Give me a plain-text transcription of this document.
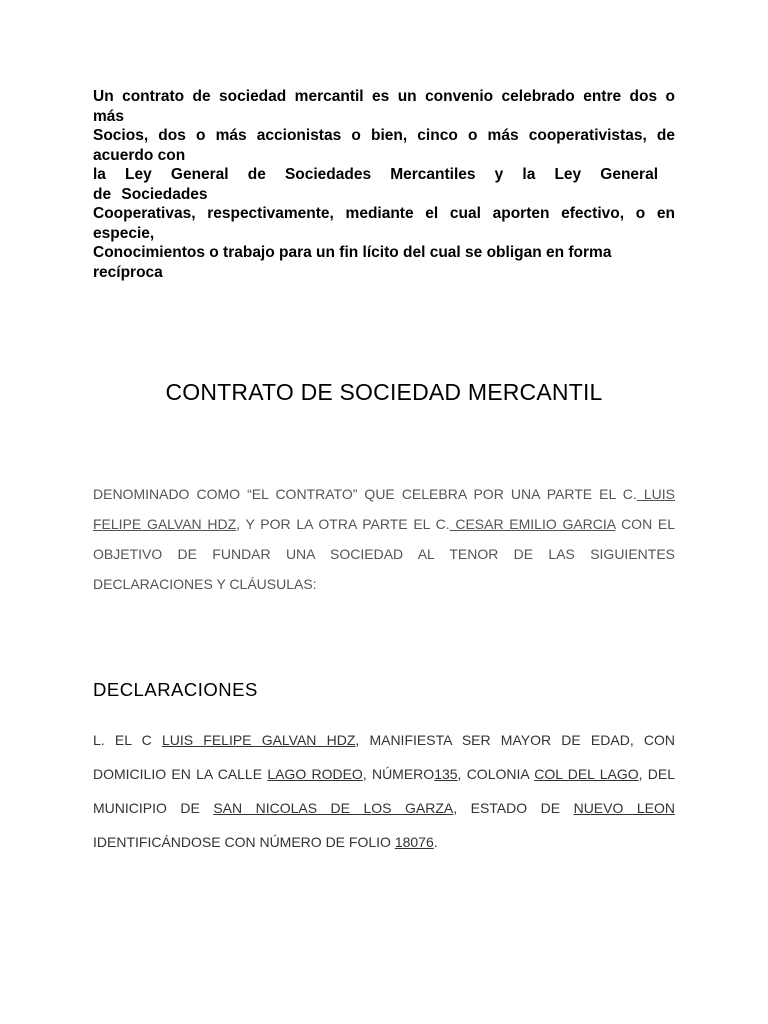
Un contrato de sociedad mercantil es un convenio celebrado entre dos o
más
Socios, dos o más accionistas o bien, cinco o más cooperativistas, de
acuerdo con
la Ley General de Sociedades Mercantiles y la Ley General
de Sociedades
Cooperativas, respectivamente, mediante el cual aporten efectivo, o en
especie,
Conocimientos o trabajo para un fin lícito del cual se obligan en forma
recíproca
CONTRATO DE SOCIEDAD MERCANTIL
DENOMINADO COMO “EL CONTRATO” QUE CELEBRA POR UNA PARTE EL C. LUIS FELIPE GALVAN HDZ, Y POR LA OTRA PARTE EL C. CESAR EMILIO GARCIA CON EL OBJETIVO DE FUNDAR UNA SOCIEDAD AL TENOR DE LAS SIGUIENTES DECLARACIONES Y CLÁUSULAS:
DECLARACIONES
L. EL C LUIS FELIPE GALVAN HDZ, MANIFIESTA SER MAYOR DE EDAD, CON DOMICILIO EN LA CALLE LAGO RODEO, NÚMERO135, COLONIA COL DEL LAGO, DEL MUNICIPIO DE SAN NICOLAS DE LOS GARZA, ESTADO DE NUEVO LEON IDENTIFICÁNDOSE CON NÚMERO DE FOLIO 18076.
